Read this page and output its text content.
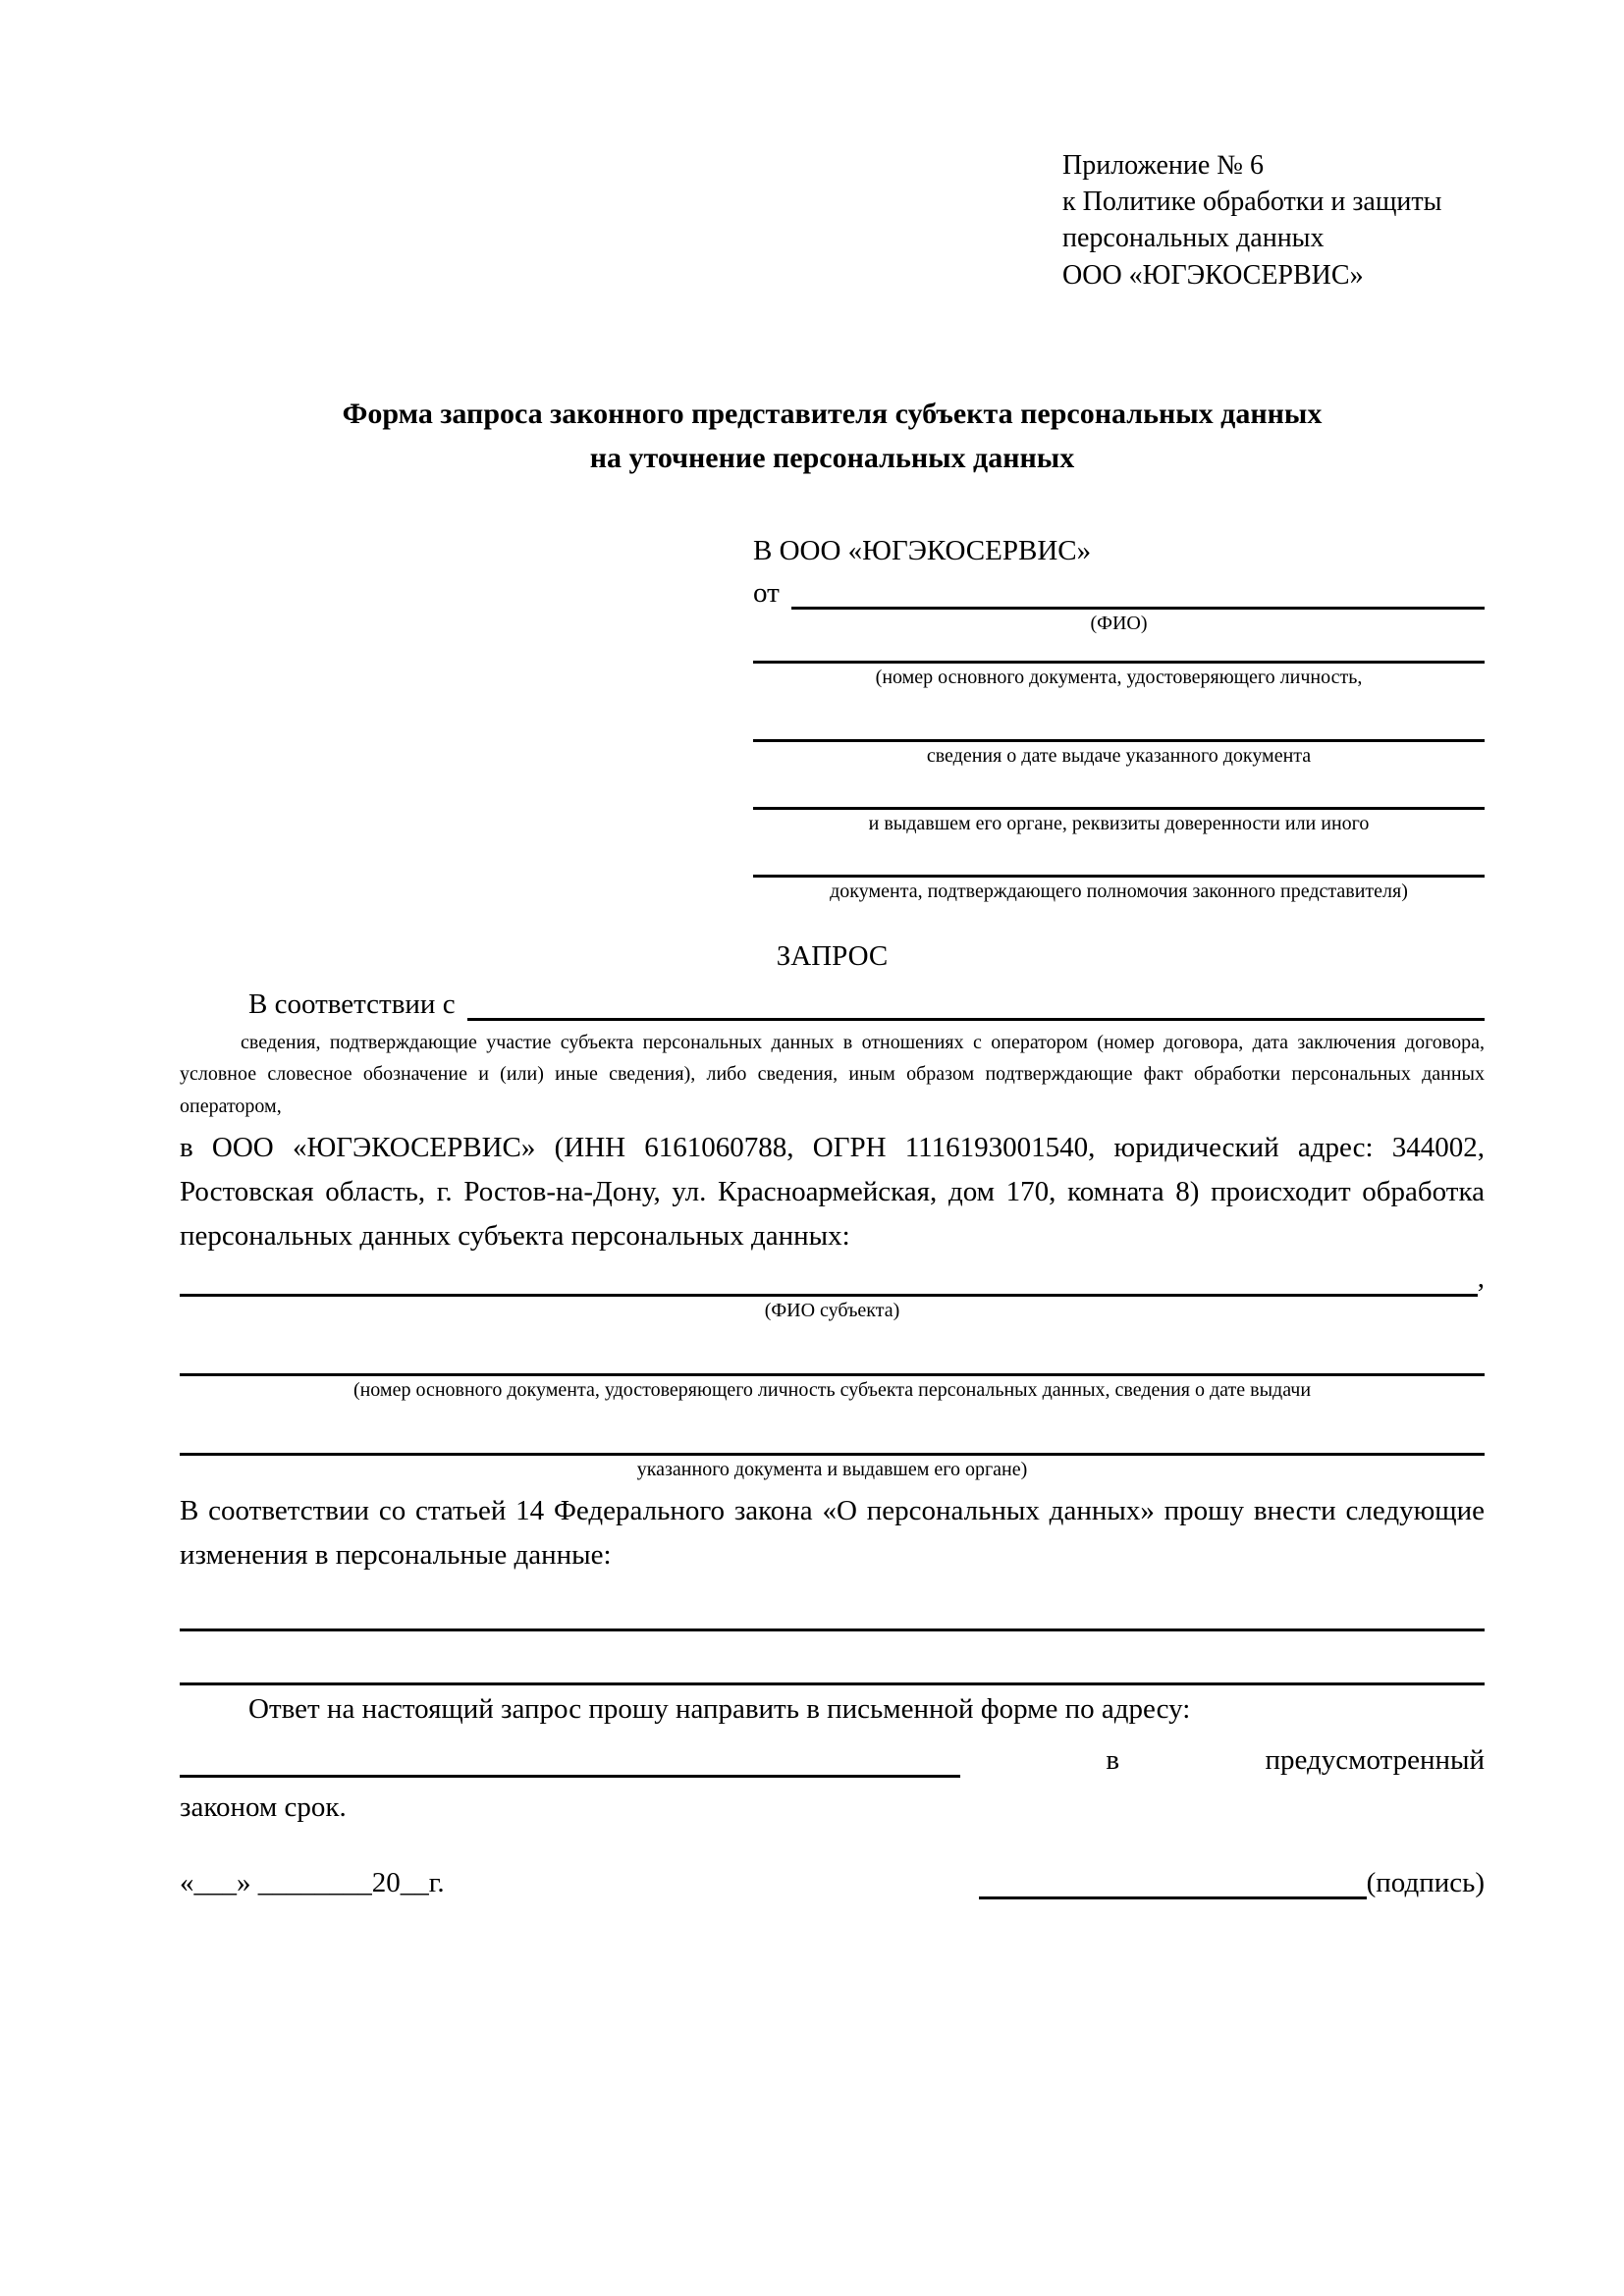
Приложение № 6
к Политике обработки и защиты
персональных данных
ООО «ЮГЭКОСЕРВИС»
Форма запроса законного представителя субъекта персональных данных
на уточнение персональных данных
В ООО «ЮГЭКОСЕРВИС»
от
(ФИО)
(номер основного документа, удостоверяющего личность,
сведения о дате выдаче указанного документа
и выдавшем его органе, реквизиты доверенности или иного
документа, подтверждающего полномочия законного представителя)
ЗАПРОС
В соответствии с
сведения, подтверждающие участие субъекта персональных данных в отношениях с оператором (номер договора, дата заключения договора, условное словесное обозначение и (или) иные сведения), либо сведения, иным образом подтверждающие факт обработки персональных данных оператором,

в ООО «ЮГЭКОСЕРВИС» (ИНН 6161060788, ОГРН 1116193001540, юридический адрес: 344002, Ростовская область, г. Ростов-на-Дону, ул. Красноармейская, дом 170, комната 8) происходит обработка персональных данных субъекта персональных данных:

,
(ФИО субъекта)
(номер основного документа, удостоверяющего личность субъекта персональных данных, сведения о дате выдачи
указанного документа и выдавшем его органе)

В соответствии со статьей 14 Федерального закона «О персональных данных» прошу внести следующие изменения в персональные данные:

Ответ на настоящий запрос прошу направить в письменной форме по адресу:

в	предусмотренный
законом срок.
«___» ________20__г.	(подпись)
